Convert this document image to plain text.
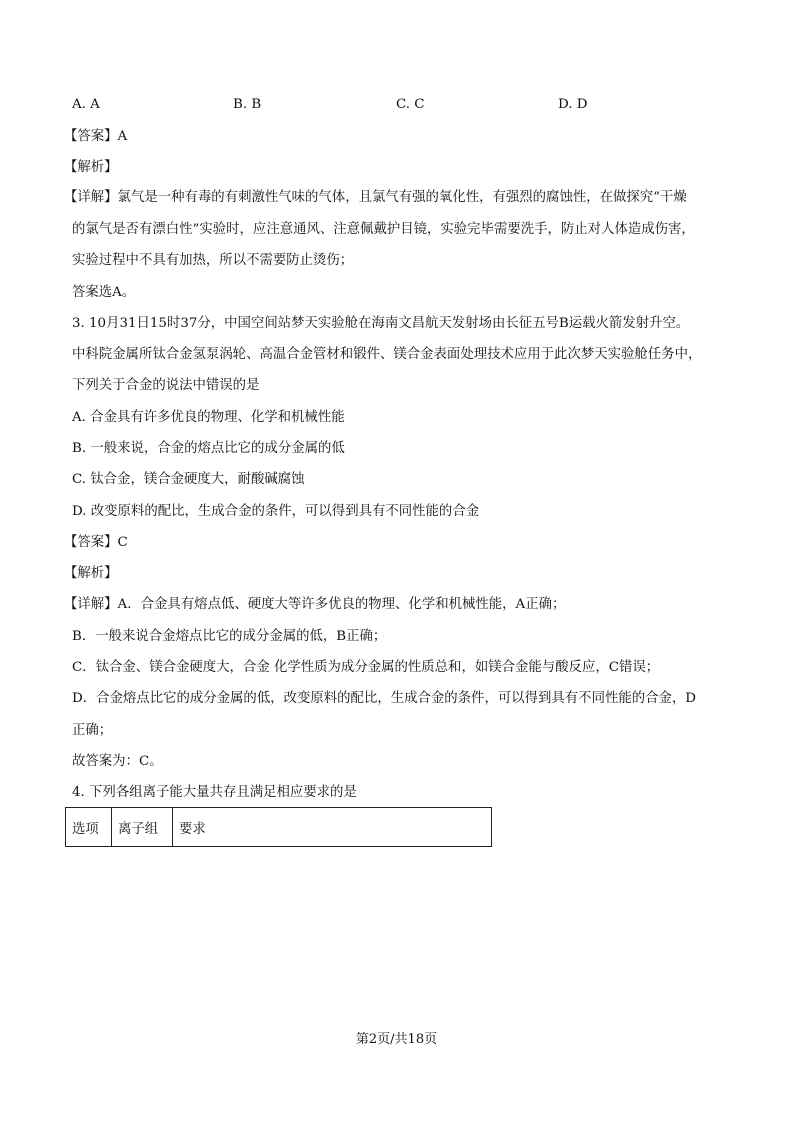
A. A	B. B	C. C	D. D
【答案】A
【解析】
【详解】氯气是一种有毒的有刺激性气味的气体，且氯气有强的氧化性，有强烈的腐蚀性，在做探究“干燥
的氯气是否有漂白性”实验时，应注意通风、注意佩戴护目镜，实验完毕需要洗手，防止对人体造成伤害，
实验过程中不具有加热，所以不需要防止烫伤；
答案选A。
3. 10月31日15时37分，中国空间站梦天实验舱在海南文昌航天发射场由长征五号B运载火箭发射升空。
中科院金属所钛合金氢泵涡轮、高温合金管材和锻件、镁合金表面处理技术应用于此次梦天实验舱任务中，
下列关于合金的说法中错误的是
A. 合金具有许多优良的物理、化学和机械性能
B. 一般来说，合金的熔点比它的成分金属的低
C. 钛合金，镁合金硬度大，耐酸碱腐蚀
D. 改变原料的配比，生成合金的条件，可以得到具有不同性能的合金
【答案】C
【解析】
【详解】A．合金具有熔点低、硬度大等许多优良的物理、化学和机械性能，A正确；
B．一般来说合金熔点比它的成分金属的低，B正确；
C．钛合金、镁合金硬度大，合金 化学性质为成分金属的性质总和，如镁合金能与酸反应，C错误；
D．合金熔点比它的成分金属的低，改变原料的配比，生成合金的条件，可以得到具有不同性能的合金，D
正确；
故答案为：C。
4. 下列各组离子能大量共存且满足相应要求的是
选项	离子组	要求
第2页/共18页
